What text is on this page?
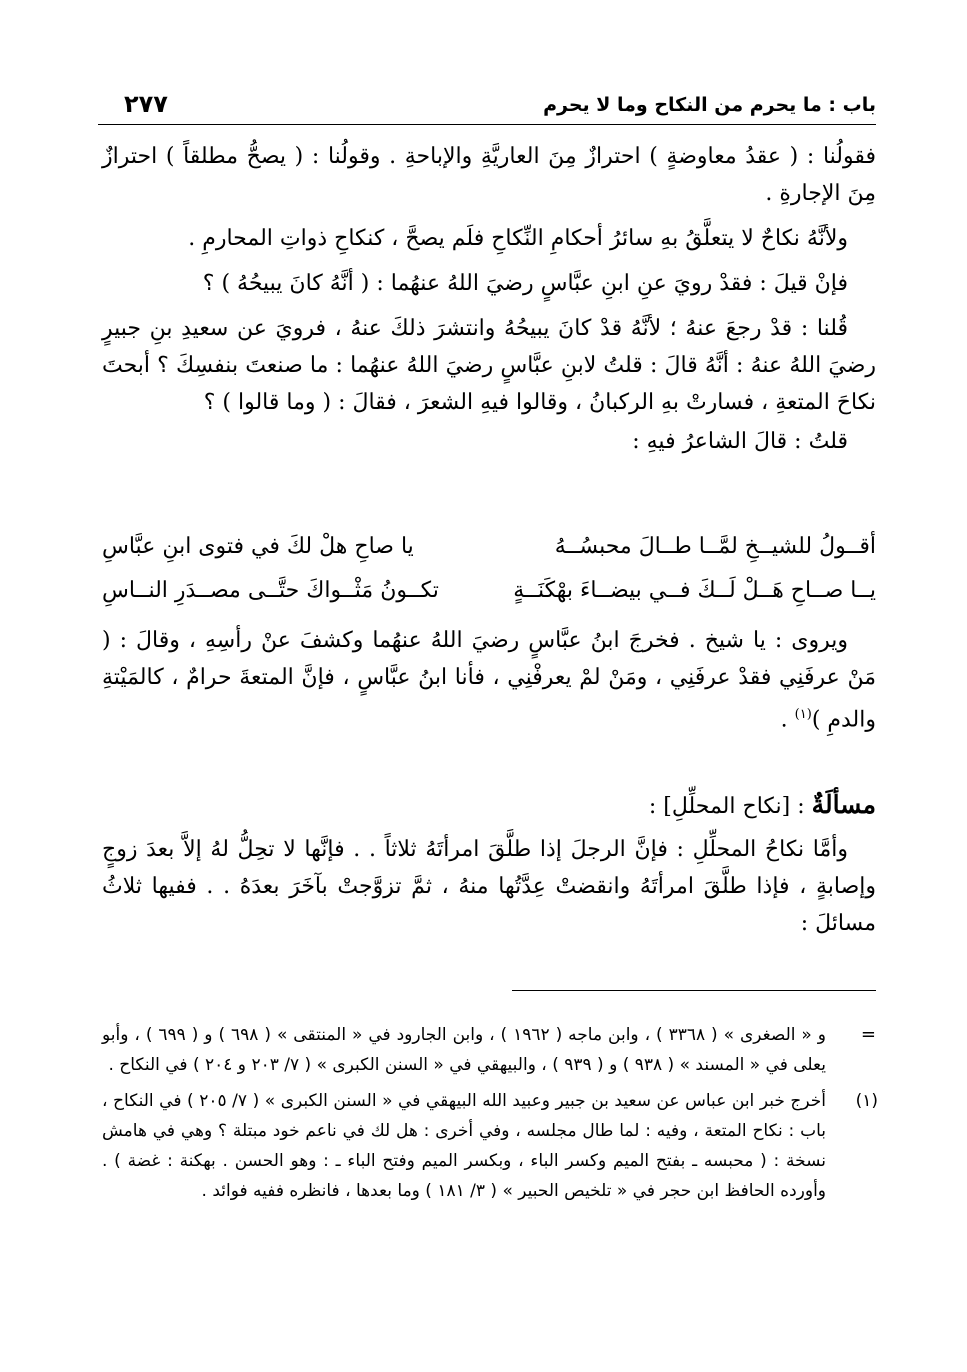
باب : ما يحرم من النكاح وما لا يحرم
٢٧٧

فقولُنا : ( عقدُ معاوضةٍ ) احترازٌ مِنَ العاريَّةِ والإباحةِ . وقولُنا : ( يصحُّ مطلقاً ) احترازٌ مِنَ الإجارةِ .

ولأنَّهُ نكاحٌ لا يتعلَّقُ بهِ سائرُ أحكامِ النِّكاحِ فلَم يصحَّ ، كنكاحِ ذواتِ المحارمِ .

فإنْ قيلَ : فقدْ رويَ عنِ ابنِ عبَّاسٍ رضيَ اللهُ عنهُما : ( أنَّهُ كانَ يبيحُهُ ) ؟

قُلنا : قدْ رجعَ عنهُ ؛ لأنَّهُ قدْ كانَ يبيحُهُ وانتشرَ ذلكَ عنهُ ، فرويَ عن سعيدِ بنِ جبيرٍ رضيَ اللهُ عنهُ : أنَّهُ قالَ : قلتُ لابنِ عبَّاسٍ رضيَ اللهُ عنهُما : ما صنعتَ بنفسِكَ ؟ أبحتَ نكاحَ المتعةِ ، فسارتْ بهِ الركبانُ ، وقالوا فيهِ الشعرَ ، فقالَ : ( وما قالوا ) ؟

قلتُ : قالَ الشاعرُ فيهِ :

أقــولُ للشيــخِ لمَّــا طــالَ محبسُــهُ
يا صاحِ هلْ لكَ في فتوى ابنِ عبَّاسِ
يــا صــاحِ هَــلْ لَــكَ فــي بيضــاءَ بهْكَنَــةٍ
تكــونُ مَثْــواكَ حتَّــى مصــدَرِ النــاسِ

ويروى : يا شيخ . فخرجَ ابنُ عبَّاسٍ رضيَ اللهُ عنهُما وكشفَ عنْ رأسِهِ ، وقالَ : ( مَنْ عرفَنِي فقدْ عرفَنِي ، ومَنْ لمْ يعرفْنِي ، فأنا ابنُ عبَّاسٍ ، فإنَّ المتعةَ حرامٌ ، كالمَيْتةِ والدمِ )$^{(١)}$ .

مسألَةٌ : [نكاح المحلِّلِ] :

وأمَّا نكاحُ المحلِّلِ : فإنَّ الرجلَ إذا طلَّقَ امرأتَهُ ثلاثاً . . فإنَّها لا تحِلُّ لهُ إلاَّ بعدَ زوجٍ وإصابةٍ ، فإذا طلَّقَ امرأتَهُ وانقضتْ عِدَّتُها منهُ ، ثمَّ تزوَّجتْ بآخَرَ بعدَهُ . . ففيها ثلاثُ مسائلَ :

=
و « الصغرى » ( ٣٣٦٨ ) ، وابن ماجه ( ١٩٦٢ ) ، وابن الجارود في « المنتقى » ( ٦٩٨ ) و ( ٦٩٩ ) ، وأبو يعلى في « المسند » ( ٩٣٨ ) و ( ٩٣٩ ) ، والبيهقي في « السنن الكبرى » ( ٧/ ٢٠٣ و ٢٠٤ ) في النكاح .
(١)
أخرج خبر ابن عباس عن سعيد بن جبير وعبيد الله البيهقي في « السنن الكبرى » ( ٧/ ٢٠٥ ) في النكاح ، باب : نكاح المتعة ، وفيه : لما طال مجلسه ، وفي أخرى : هل لك في ناعم خود مبتلة ؟ وهي في هامش نسخة : ( محبسه ـ بفتح الميم وكسر الباء ، وبكسر الميم وفتح الباء ـ : وهو الحسن . بهكنة : غضة ) . وأورده الحافظ ابن حجر في « تلخيص الحبير » ( ٣/ ١٨١ ) وما بعدها ، فانظره ففيه فوائد .
